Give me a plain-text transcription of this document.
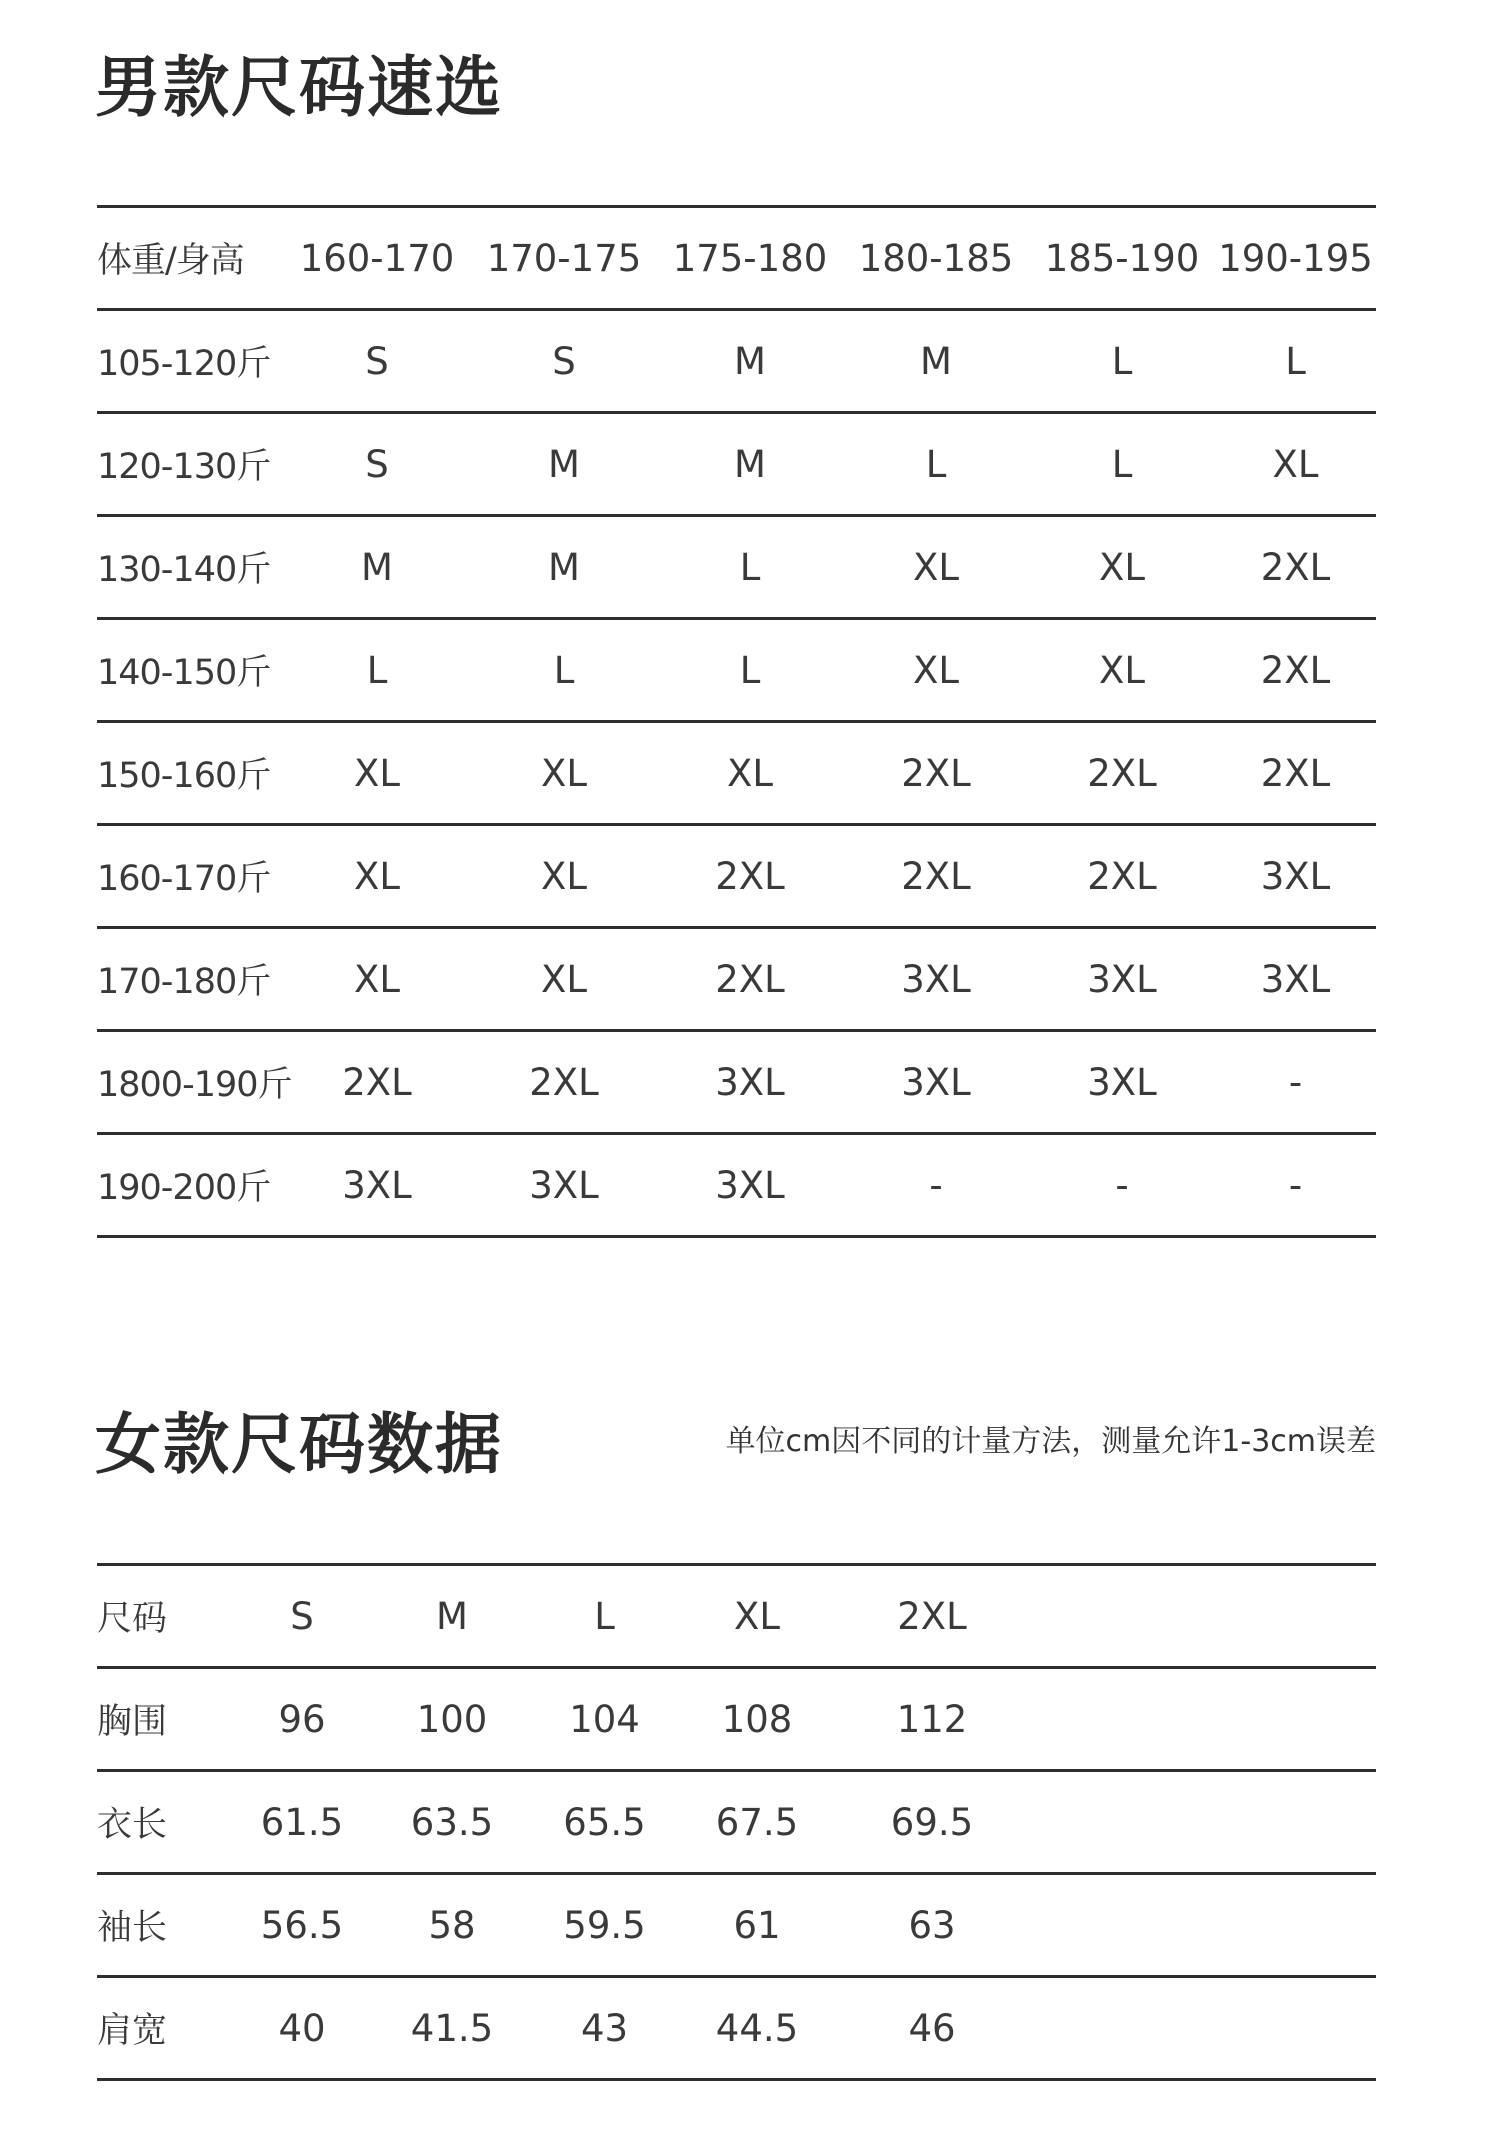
男款尺码速选
体重/身高	160-170	170-175	175-180	180-185	185-190	190-195
105-120斤	S	S	M	M	L	L
120-130斤	S	M	M	L	L	XL
130-140斤	M	M	L	XL	XL	2XL
140-150斤	L	L	L	XL	XL	2XL
150-160斤	XL	XL	XL	2XL	2XL	2XL
160-170斤	XL	XL	2XL	2XL	2XL	3XL
170-180斤	XL	XL	2XL	3XL	3XL	3XL
1800-190斤	2XL	2XL	3XL	3XL	3XL	-
190-200斤	3XL	3XL	3XL	-	-	-
女款尺码数据	单位cm因不同的计量方法，测量允许1-3cm误差
尺码	S	M	L	XL	2XL	
胸围	96	100	104	108	112	
衣长	61.5	63.5	65.5	67.5	69.5	
袖长	56.5	58	59.5	61	63	
肩宽	40	41.5	43	44.5	46	
